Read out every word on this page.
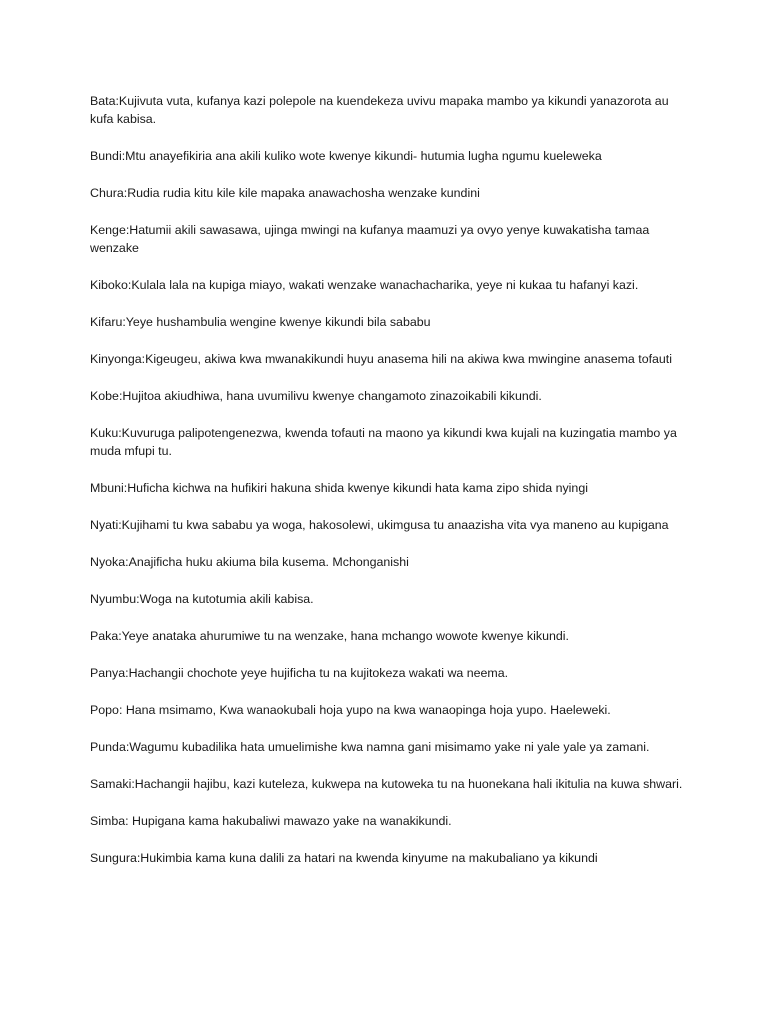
Bata:Kujivuta vuta, kufanya kazi polepole na kuendekeza uvivu mapaka mambo ya kikundi yanazorota au kufa kabisa.

Bundi:Mtu anayefikiria ana akili kuliko wote kwenye kikundi- hutumia lugha ngumu kueleweka

Chura:Rudia rudia kitu kile kile mapaka anawachosha wenzake kundini

Kenge:Hatumii akili sawasawa, ujinga mwingi na kufanya maamuzi ya ovyo yenye kuwakatisha tamaa wenzake

Kiboko:Kulala lala na kupiga miayo, wakati wenzake wanachacharika, yeye ni kukaa tu hafanyi kazi.

Kifaru:Yeye hushambulia wengine kwenye kikundi bila sababu

Kinyonga:Kigeugeu, akiwa kwa mwanakikundi huyu anasema hili na akiwa kwa mwingine anasema tofauti

Kobe:Hujitoa akiudhiwa, hana uvumilivu kwenye changamoto zinazoikabili kikundi.

Kuku:Kuvuruga palipotengenezwa, kwenda tofauti na maono ya kikundi kwa kujali na kuzingatia mambo ya muda mfupi tu.

Mbuni:Huficha kichwa na hufikiri hakuna shida kwenye kikundi hata kama zipo shida nyingi

Nyati:Kujihami tu kwa sababu ya woga, hakosolewi, ukimgusa tu anaazisha vita vya maneno au kupigana

Nyoka:Anajificha huku akiuma bila kusema. Mchonganishi

Nyumbu:Woga na kutotumia akili kabisa.

Paka:Yeye anataka ahurumiwe tu na wenzake, hana mchango wowote kwenye kikundi.

Panya:Hachangii chochote yeye hujificha tu na kujitokeza wakati wa neema.

Popo: Hana msimamo, Kwa wanaokubali hoja yupo na kwa wanaopinga hoja yupo. Haeleweki.

Punda:Wagumu kubadilika hata umuelimishe kwa namna gani misimamo yake ni yale yale ya zamani.

Samaki:Hachangii hajibu, kazi kuteleza, kukwepa na kutoweka tu na huonekana hali ikitulia na kuwa shwari.

Simba: Hupigana kama hakubaliwi mawazo yake na wanakikundi.

Sungura:Hukimbia kama kuna dalili za hatari na kwenda kinyume na makubaliano ya kikundi
